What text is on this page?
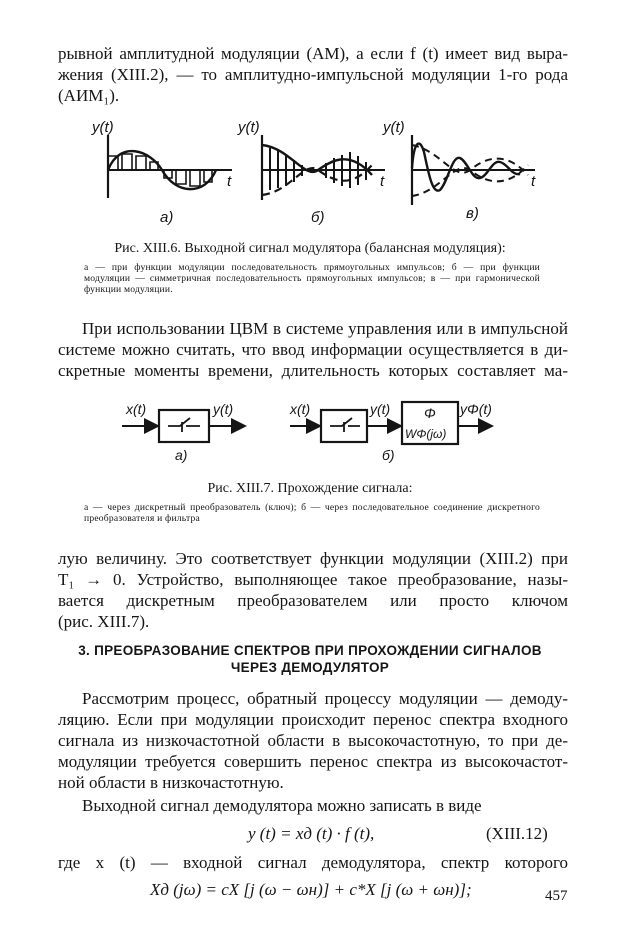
рывной амплитудной модуляции (АМ), а если f (t) имеет вид выра-

жения (XIII.2), — то амплитудно-импульсной модуляции 1-го рода

(АИМ₁).

y(t)
t
а)
y(t)
t
б)
y(t)
t
в)

Рис. XIII.6. Выходной сигнал модулятора (балансная модуляция):

а — при функции модуляции последовательность прямоугольных импульсов; б — при функции модуляции — симметричная последовательность прямоугольных импульсов; в — при гармонической функции модуляции.

При использовании ЦВМ в системе управления или в импульсной

системе можно считать, что ввод информации осуществляется в ди-

скретные моменты времени, длительность которых составляет ма-

x(t)	y(t)
а)
x(t)	y(t) Φ
WΦ(jω)
yΦ(t)
б)

Рис. XIII.7. Прохождение сигнала:

а — через дискретный преобразователь (ключ); б — через последовательное соединение дискретного преобразователя и фильтра

лую величину. Это соответствует функции модуляции (XIII.2) при

T₁ → 0. Устройство, выполняющее такое преобразование, назы-

вается дискретным преобразователем или просто ключом

(рис. XIII.7).

3. ПРЕОБРАЗОВАНИЕ СПЕКТРОВ ПРИ ПРОХОЖДЕНИИ СИГНАЛОВ

ЧЕРЕЗ ДЕМОДУЛЯТОР

Рассмотрим процесс, обратный процессу модуляции — демоду-

ляцию. Если при модуляции происходит перенос спектра входного

сигнала из низкочастотной области в высокочастотную, то при де-

модуляции требуется совершить перенос спектра из высокочастот-

ной области в низкочастотную.

Выходной сигнал демодулятора можно записать в виде

y (t) = xд (t) · f (t),	(XIII.12)

где x (t) — входной сигнал демодулятора, спектр которого

Xд (jω) = cX [j (ω − ωн)] + c*X [j (ω + ωн)];	457
